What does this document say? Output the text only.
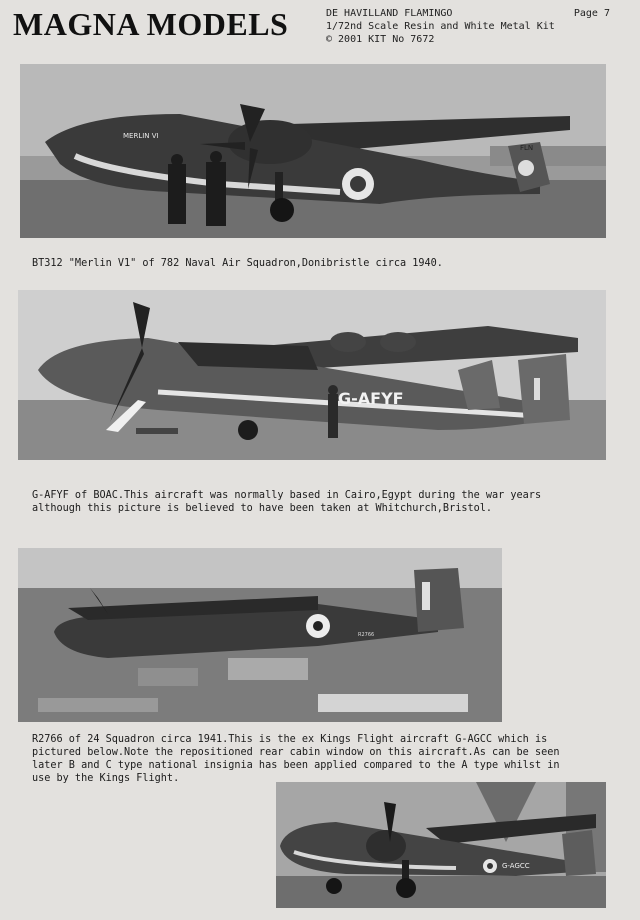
MAGNA MODELS	DE HAVILLAND FLAMINGO	Page 7
1/72nd Scale Resin and White Metal Kit
© 2001 KIT No 7672
MERLIN VI
FLN
BT312 "Merlin V1" of 782 Naval Air Squadron,Donibristle circa 1940.
G-AFYF
G-AFYF of BOAC.This aircraft was normally based in Cairo,Egypt during the war years
although this picture is believed to have been taken at Whitchurch,Bristol.
R2766
R2766 of 24 Squadron circa 1941.This is the ex Kings Flight aircraft G-AGCC which is
pictured below.Note the repositioned rear cabin window on this aircraft.As can be seen
later B and C type national insignia has been applied compared to the A type whilst in
use by the Kings Flight.
G-AGCC
